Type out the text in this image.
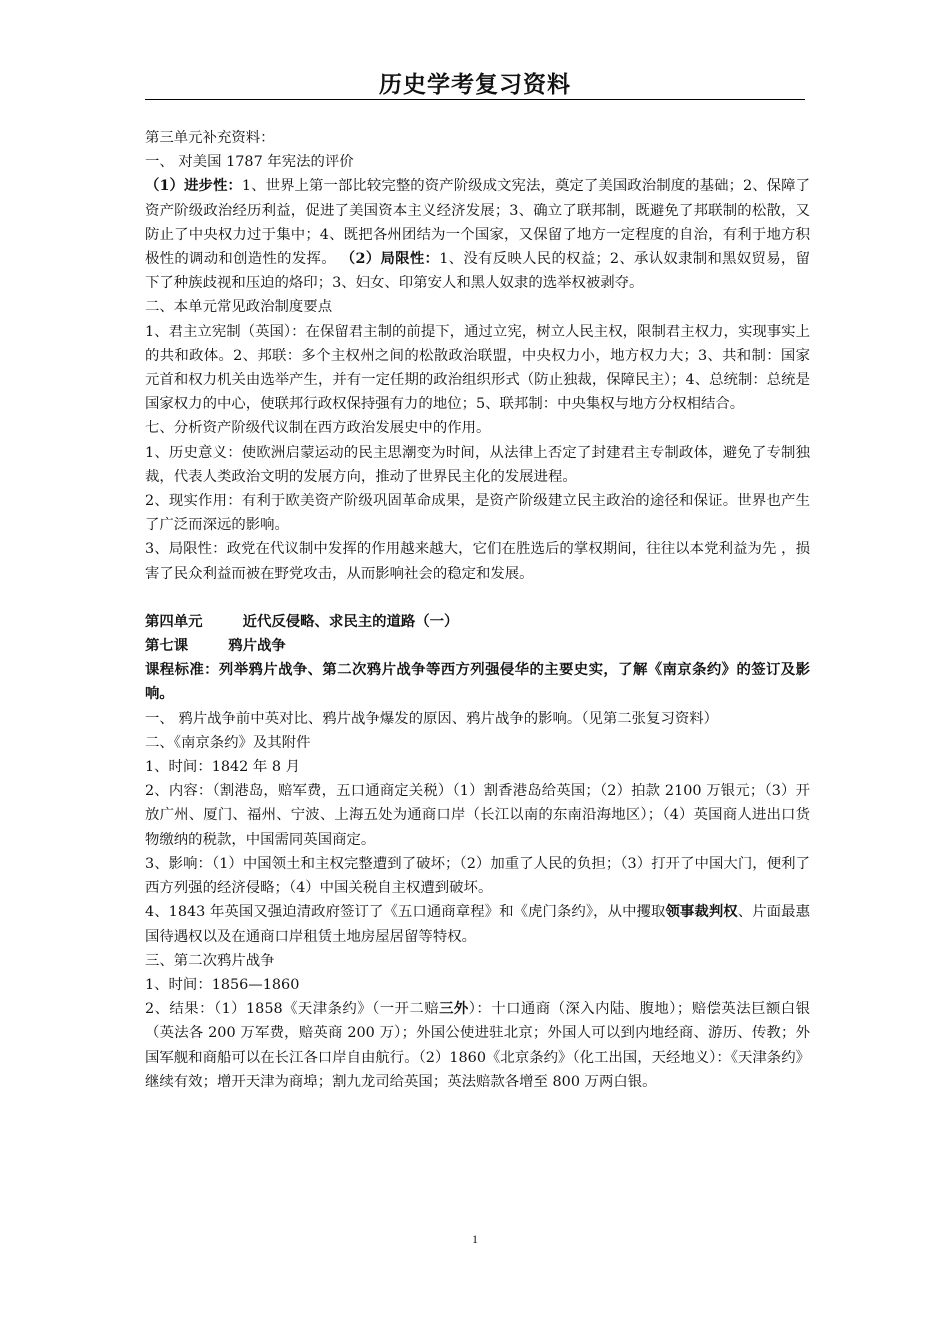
历史学考复习资料

第三单元补充资料：

一、 对美国 1787 年宪法的评价

（1）进步性：1、世界上第一部比较完整的资产阶级成文宪法，奠定了美国政治制度的基础；2、保障了资产阶级政治经历利益，促进了美国资本主义经济发展；3、确立了联邦制，既避免了邦联制的松散，又防止了中央权力过于集中；4、既把各州团结为一个国家，又保留了地方一定程度的自治，有利于地方积极性的调动和创造性的发挥。 （2）局限性：1、没有反映人民的权益；2、承认奴隶制和黑奴贸易，留下了种族歧视和压迫的烙印；3、妇女、印第安人和黑人奴隶的选举权被剥夺。

二、本单元常见政治制度要点

1、君主立宪制（英国）：在保留君主制的前提下，通过立宪，树立人民主权，限制君主权力，实现事实上的共和政体。2、邦联：多个主权州之间的松散政治联盟，中央权力小，地方权力大；3、共和制：国家元首和权力机关由选举产生，并有一定任期的政治组织形式（防止独裁，保障民主）；4、总统制：总统是国家权力的中心，使联邦行政权保持强有力的地位；5、联邦制：中央集权与地方分权相结合。

七、分析资产阶级代议制在西方政治发展史中的作用。

1、历史意义：使欧洲启蒙运动的民主思潮变为时间，从法律上否定了封建君主专制政体，避免了专制独裁，代表人类政治文明的发展方向，推动了世界民主化的发展进程。

2、现实作用：有利于欧美资产阶级巩固革命成果，是资产阶级建立民主政治的途径和保证。世界也产生了广泛而深远的影响。

3、局限性：政党在代议制中发挥的作用越来越大，它们在胜选后的掌权期间，往往以本党利益为先 ，损害了民众利益而被在野党攻击，从而影响社会的稳定和发展。

第四单元	近代反侵略、求民主的道路（一）

第七课	鸦片战争

课程标准：列举鸦片战争、第二次鸦片战争等西方列强侵华的主要史实，了解《南京条约》的签订及影响。

一、 鸦片战争前中英对比、鸦片战争爆发的原因、鸦片战争的影响。（见第二张复习资料）

二、《南京条约》及其附件

1、时间：1842 年 8 月

2、内容：（割港岛，赔军费，五口通商定关税）（1）割香港岛给英国；（2）拍款 2100 万银元；（3）开放广州、厦门、福州、宁波、上海五处为通商口岸（长江以南的东南沿海地区）；（4）英国商人进出口货物缴纳的税款，中国需同英国商定。

3、影响：（1）中国领土和主权完整遭到了破坏；（2）加重了人民的负担；（3）打开了中国大门，便利了西方列强的经济侵略；（4）中国关税自主权遭到破坏。

4、1843 年英国又强迫清政府签订了《五口通商章程》和《虎门条约》，从中攫取领事裁判权、片面最惠国待遇权以及在通商口岸租赁土地房屋居留等特权。

三、第二次鸦片战争

1、时间：1856—1860

2、结果：（1）1858《天津条约》（一开二赔三外）：十口通商（深入内陆、腹地）；赔偿英法巨额白银（英法各 200 万军费，赔英商 200 万）；外国公使进驻北京；外国人可以到内地经商、游历、传教；外国军舰和商船可以在长江各口岸自由航行。（2）1860《北京条约》（化工出国，天经地义）：《天津条约》继续有效；增开天津为商埠；割九龙司给英国；英法赔款各增至 800 万两白银。

1
